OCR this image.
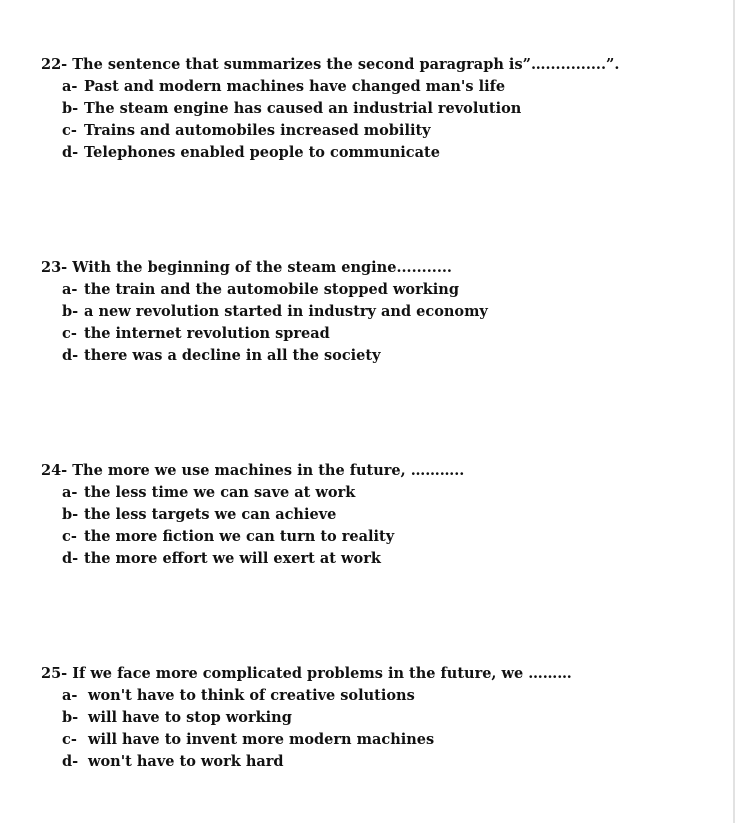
22- The sentence that summarizes the second paragraph is”…............”.
a- Past and modern machines have changed man's life
b- The steam engine has caused an industrial revolution
c- Trains and automobiles increased mobility
d- Telephones enabled people to communicate
23- With the beginning of the steam engine...........
a- the train and the automobile stopped working
b- a new revolution started in industry and economy
c- the internet revolution spread
d- there was a decline in all the society
24- The more we use machines in the future, ………..
a- the less time we can save at work
b- the less targets we can achieve
c- the more fiction we can turn to reality
d- the more effort we will exert at work
25- If we face more complicated problems in the future, we ………
a- won't have to think of creative solutions
b- will have to stop working
c- will have to invent more modern machines
d- won't have to work hard
